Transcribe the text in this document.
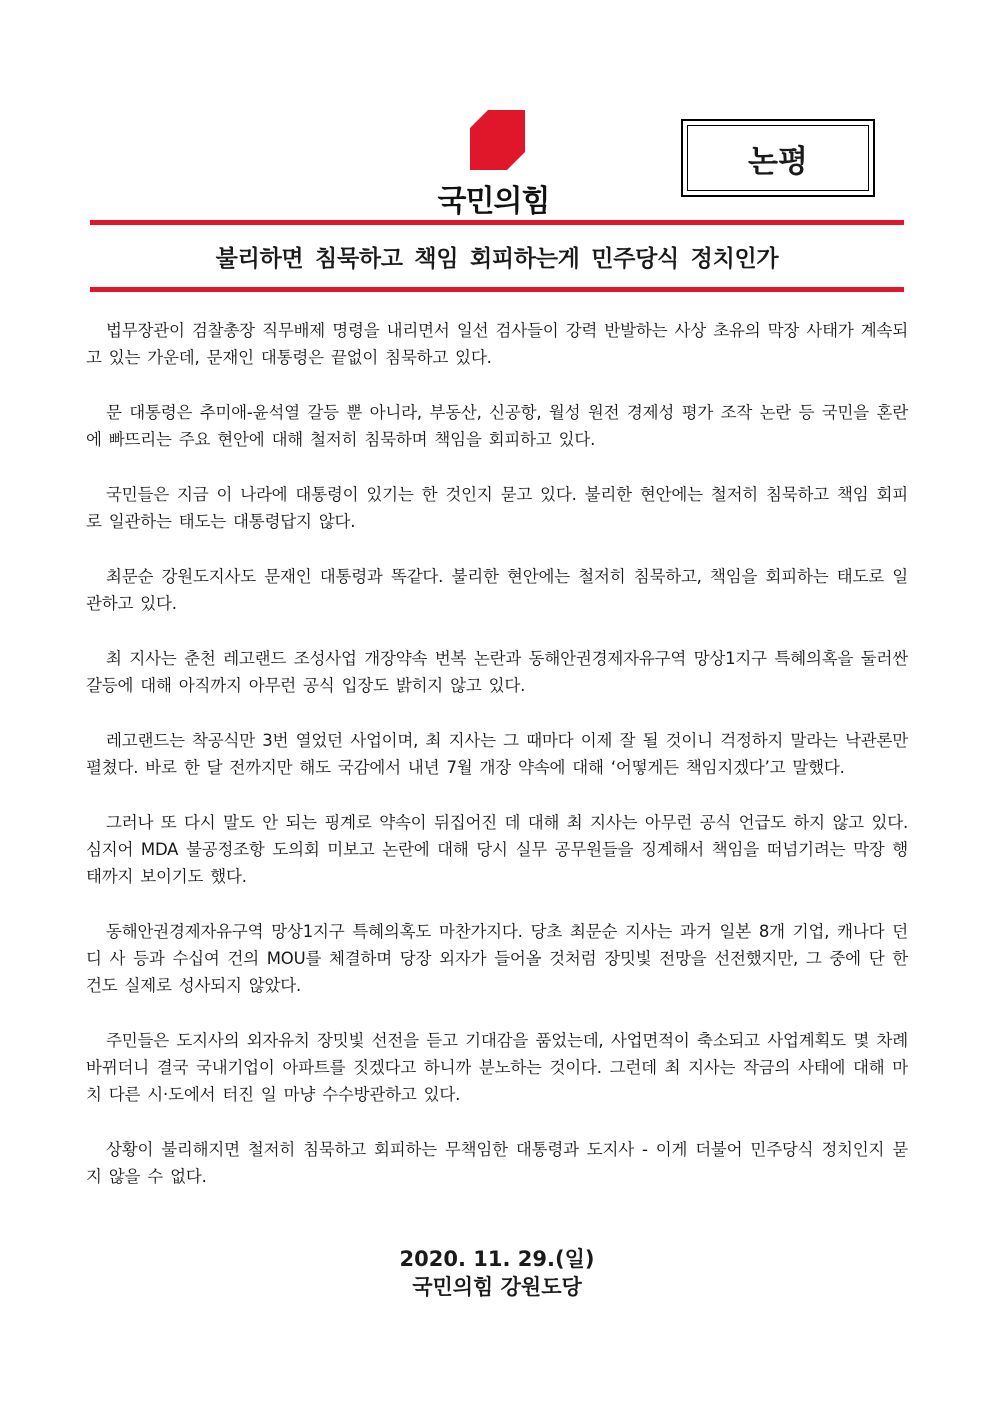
국민의힘
논평
불리하면 침묵하고 책임 회피하는게 민주당식 정치인가

법무장관이 검찰총장 직무배제 명령을 내리면서 일선 검사들이 강력 반발하는 사상 초유의 막장 사태가 계속되고 있는 가운데, 문재인 대통령은 끝없이 침묵하고 있다.

문 대통령은 추미애-윤석열 갈등 뿐 아니라, 부동산, 신공항, 월성 원전 경제성 평가 조작 논란 등 국민을 혼란에 빠뜨리는 주요 현안에 대해 철저히 침묵하며 책임을 회피하고 있다.

국민들은 지금 이 나라에 대통령이 있기는 한 것인지 묻고 있다. 불리한 현안에는 철저히 침묵하고 책임 회피로 일관하는 태도는 대통령답지 않다.

최문순 강원도지사도 문재인 대통령과 똑같다. 불리한 현안에는 철저히 침묵하고, 책임을 회피하는 태도로 일관하고 있다.

최 지사는 춘천 레고랜드 조성사업 개장약속 번복 논란과 동해안권경제자유구역 망상1지구 특혜의혹을 둘러싼 갈등에 대해 아직까지 아무런 공식 입장도 밝히지 않고 있다.

레고랜드는 착공식만 3번 열었던 사업이며, 최 지사는 그 때마다 이제 잘 될 것이니 걱정하지 말라는 낙관론만 펼쳤다. 바로 한 달 전까지만 해도 국감에서 내년 7월 개장 약속에 대해 ‘어떻게든 책임지겠다’고 말했다.

그러나 또 다시 말도 안 되는 핑계로 약속이 뒤집어진 데 대해 최 지사는 아무런 공식 언급도 하지 않고 있다. 심지어 MDA 불공정조항 도의회 미보고 논란에 대해 당시 실무 공무원들을 징계해서 책임을 떠넘기려는 막장 행태까지 보이기도 했다.

동해안권경제자유구역 망상1지구 특혜의혹도 마찬가지다. 당초 최문순 지사는 과거 일본 8개 기업, 캐나다 던디 사 등과 수십여 건의 MOU를 체결하며 당장 외자가 들어올 것처럼 장밋빛 전망을 선전했지만, 그 중에 단 한 건도 실제로 성사되지 않았다.

주민들은 도지사의 외자유치 장밋빛 선전을 듣고 기대감을 품었는데, 사업면적이 축소되고 사업계획도 몇 차례 바뀌더니 결국 국내기업이 아파트를 짓겠다고 하니까 분노하는 것이다. 그런데 최 지사는 작금의 사태에 대해 마치 다른 시·도에서 터진 일 마냥 수수방관하고 있다.

상황이 불리해지면 철저히 침묵하고 회피하는 무책임한 대통령과 도지사 - 이게 더불어 민주당식 정치인지 묻지 않을 수 없다.

2020. 11. 29.(일)
국민의힘 강원도당
